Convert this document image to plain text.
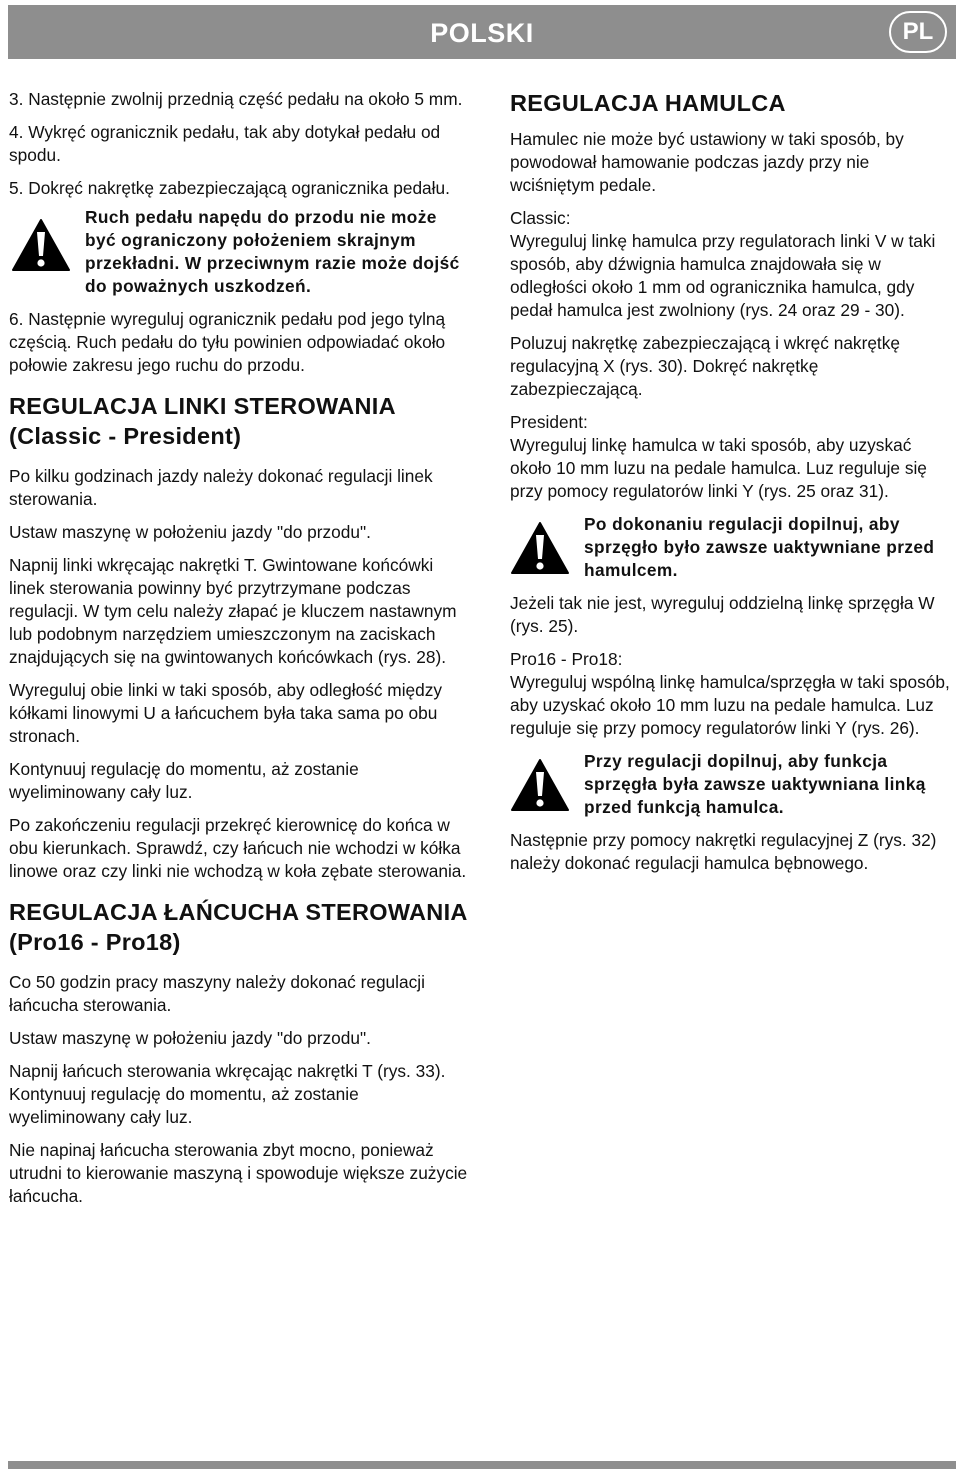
POLSKI	PL

3. Następnie zwolnij przednią część pedału na około 5 mm.

4. Wykręć ogranicznik pedału, tak aby dotykał pedału od spodu.

5. Dokręć nakrętkę zabezpieczającą ogranicznika pedału.

Ruch pedału napędu do przodu nie może być ograniczony położeniem skrajnym przekładni. W przeciwnym razie może dojść do poważnych uszkodzeń.

6. Następnie wyreguluj ogranicznik pedału pod jego tylną częścią. Ruch pedału do tyłu powinien odpowiadać około połowie zakresu jego ruchu do przodu.

REGULACJA LINKI STEROWANIA (Classic - President)

Po kilku godzinach jazdy należy dokonać regulacji linek sterowania.

Ustaw maszynę w położeniu jazdy "do przodu".

Napnij linki wkręcając nakrętki T. Gwintowane końcówki linek sterowania powinny być przytrzymane podczas regulacji. W tym celu należy złapać je kluczem nastawnym lub podobnym narzędziem umieszczonym na zaciskach znajdujących się na gwintowanych końcówkach (rys. 28).

Wyreguluj obie linki w taki sposób, aby odległość między kółkami linowymi U a łańcuchem była taka sama po obu stronach.

Kontynuuj regulację do momentu, aż zostanie wyeliminowany cały luz.

Po zakończeniu regulacji przekręć kierownicę do końca w obu kierunkach. Sprawdź, czy łańcuch nie wchodzi w kółka linowe oraz czy linki nie wchodzą w koła zębate sterowania.

REGULACJA ŁAŃCUCHA STEROWANIA (Pro16 - Pro18)

Co 50 godzin pracy maszyny należy dokonać regulacji łańcucha sterowania.

Ustaw maszynę w położeniu jazdy "do przodu".

Napnij łańcuch sterowania wkręcając nakrętki T (rys. 33). Kontynuuj regulację do momentu, aż zostanie wyeliminowany cały luz.

Nie napinaj łańcucha sterowania zbyt mocno, ponieważ utrudni to kierowanie maszyną i spowoduje większe zużycie łańcucha.

REGULACJA HAMULCA

Hamulec nie może być ustawiony w taki sposób, by powodował hamowanie podczas jazdy przy nie wciśniętym pedale.

Classic:
Wyreguluj linkę hamulca przy regulatorach linki V w taki sposób, aby dźwignia hamulca znajdowała się w odległości około 1 mm od ogranicznika hamulca, gdy pedał hamulca jest zwolniony (rys. 24 oraz 29 - 30).

Poluzuj nakrętkę zabezpieczającą i wkręć nakrętkę regulacyjną X (rys. 30). Dokręć nakrętkę zabezpieczającą.

President:
Wyreguluj linkę hamulca w taki sposób, aby uzyskać około 10 mm luzu na pedale hamulca. Luz reguluje się przy pomocy regulatorów linki Y (rys. 25 oraz 31).

Po dokonaniu regulacji dopilnuj, aby sprzęgło było zawsze uaktywniane przed hamulcem.

Jeżeli tak nie jest, wyreguluj oddzielną linkę sprzęgła W (rys. 25).

Pro16 - Pro18:
Wyreguluj wspólną linkę hamulca/sprzęgła w taki sposób, aby uzyskać około 10 mm luzu na pedale hamulca. Luz reguluje się przy pomocy regulatorów linki Y (rys. 26).

Przy regulacji dopilnuj, aby funkcja sprzęgła była zawsze uaktywniana linką przed funkcją hamulca.

Następnie przy pomocy nakrętki regulacyjnej Z (rys. 32) należy dokonać regulacji hamulca bębnowego.
